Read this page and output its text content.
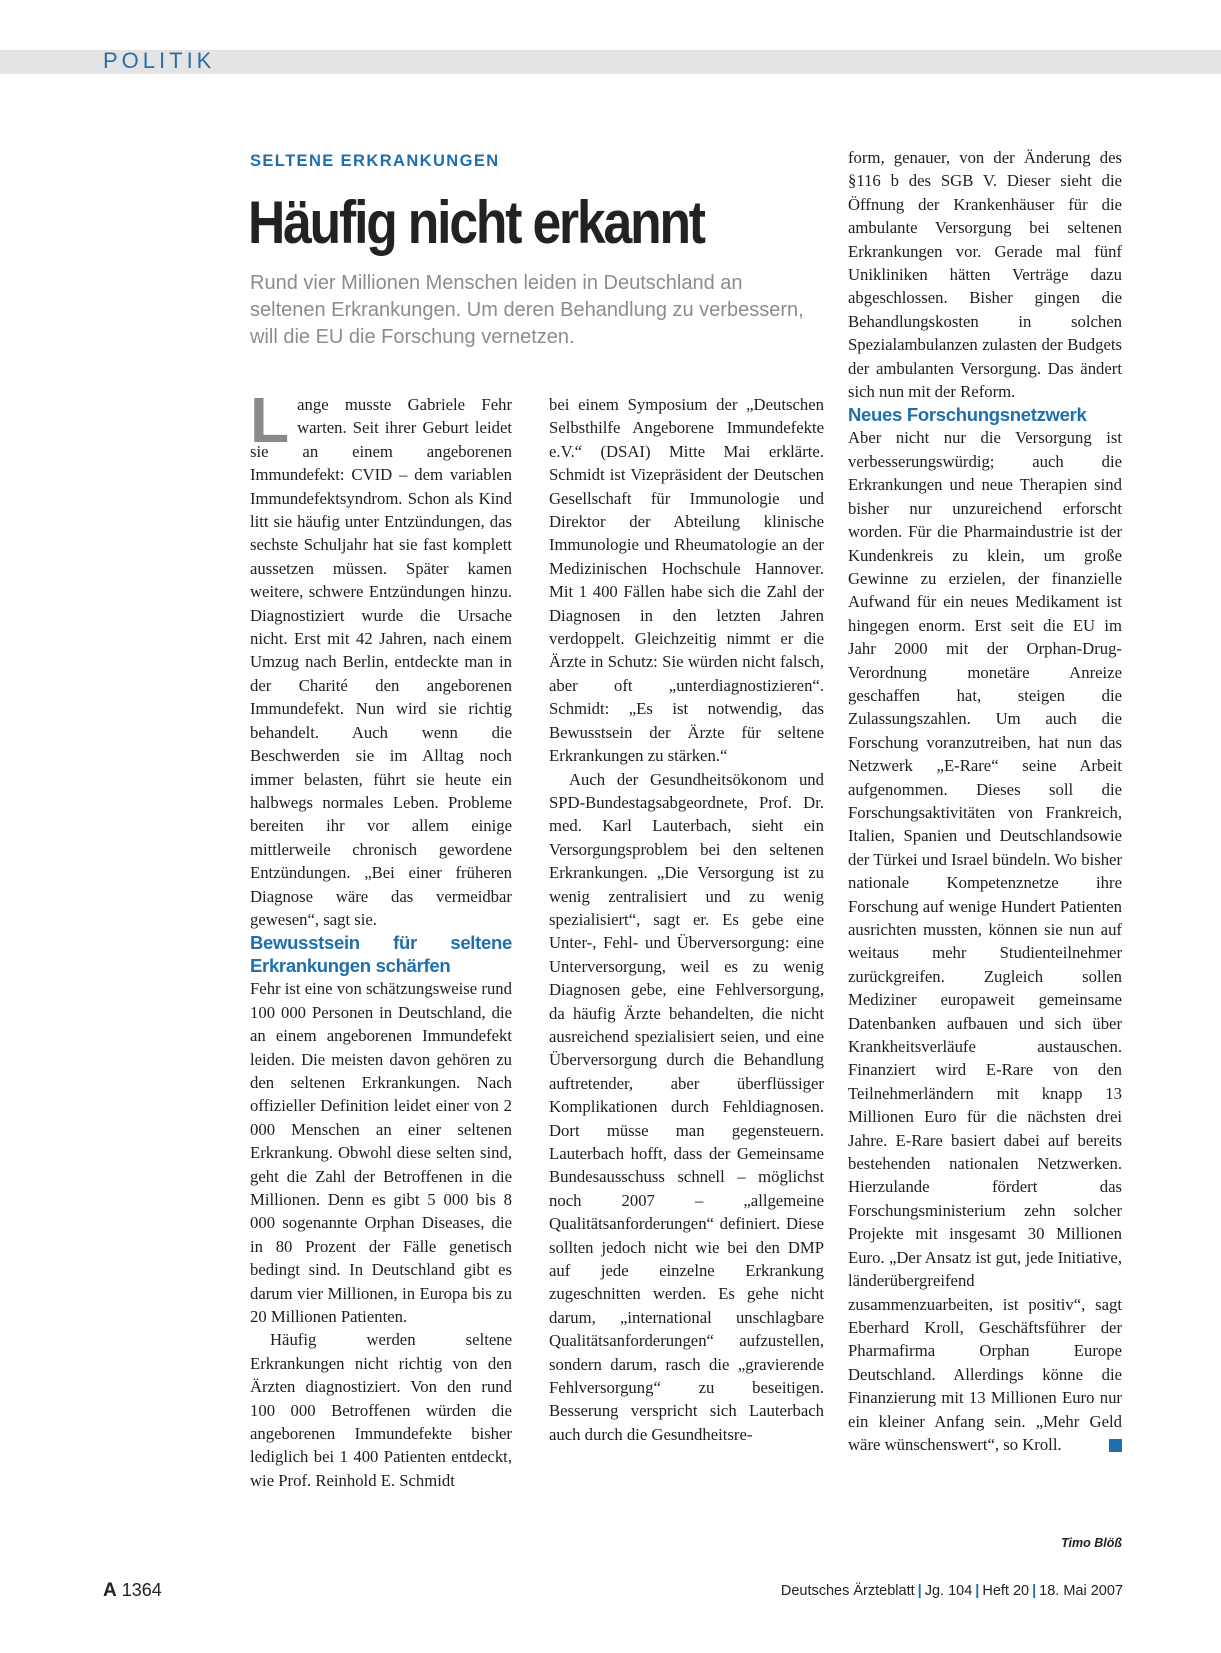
POLITIK
SELTENE ERKRANKUNGEN
Häufig nicht erkannt

Rund vier Millionen Menschen leiden in Deutschland an seltenen Erkrankungen. Um deren Behandlung zu verbessern, will die EU die Forschung vernetzen.

Lange musste Gabriele Fehr warten. Seit ihrer Geburt leidet sie an einem angeborenen Immundefekt: CVID – dem variablen Immundefektsyndrom. Schon als Kind litt sie häufig unter Entzündungen, das sechste Schuljahr hat sie fast komplett aussetzen müssen. Später kamen weitere, schwere Entzündungen hinzu. Diagnostiziert wurde die Ursache nicht. Erst mit 42 Jahren, nach einem Umzug nach Berlin, entdeckte man in der Charité den angeborenen Immundefekt. Nun wird sie richtig behandelt. Auch wenn die Beschwerden sie im Alltag noch immer belasten, führt sie heute ein halbwegs normales Leben. Probleme bereiten ihr vor allem einige mittlerweile chronisch gewordene Entzündungen. „Bei einer früheren Diagnose wäre das vermeidbar gewesen“, sagt sie.

Bewusstsein für seltene Erkrankungen schärfen

Fehr ist eine von schätzungsweise rund 100 000 Personen in Deutschland, die an einem angeborenen Immundefekt leiden. Die meisten davon gehören zu den seltenen Erkrankungen. Nach offizieller Definition leidet einer von 2 000 Menschen an einer seltenen Erkrankung. Obwohl diese selten sind, geht die Zahl der Betroffenen in die Millionen. Denn es gibt 5 000 bis 8 000 sogenannte Orphan Diseases, die in 80 Prozent der Fälle genetisch bedingt sind. In Deutschland gibt es darum vier Millionen, in Europa bis zu 20 Millionen Patienten.

Häufig werden seltene Erkrankungen nicht richtig von den Ärzten diagnostiziert. Von den rund 100 000 Betroffenen würden die angeborenen Immundefekte bisher lediglich bei 1 400 Patienten entdeckt, wie Prof. Reinhold E. Schmidt

bei einem Symposium der „Deutschen Selbsthilfe Angeborene Immundefekte e.V.“ (DSAI) Mitte Mai erklärte. Schmidt ist Vizepräsident der Deutschen Gesellschaft für Immunologie und Direktor der Abteilung klinische Immunologie und Rheumatologie an der Medizinischen Hochschule Hannover. Mit 1 400 Fällen habe sich die Zahl der Diagnosen in den letzten Jahren verdoppelt. Gleichzeitig nimmt er die Ärzte in Schutz: Sie würden nicht falsch, aber oft „unterdiagnostizieren“. Schmidt: „Es ist notwendig, das Bewusstsein der Ärzte für seltene Erkrankungen zu stärken.“

Auch der Gesundheitsökonom und SPD-Bundestagsabgeordnete, Prof. Dr. med. Karl Lauterbach, sieht ein Versorgungsproblem bei den seltenen Erkrankungen. „Die Versorgung ist zu wenig zentralisiert und zu wenig spezialisiert“, sagt er. Es gebe eine Unter-, Fehl- und Überversorgung: eine Unterversorgung, weil es zu wenig Diagnosen gebe, eine Fehlversorgung, da häufig Ärzte behandelten, die nicht ausreichend spezialisiert seien, und eine Überversorgung durch die Behandlung auftretender, aber überflüssiger Komplikationen durch Fehldiagnosen. Dort müsse man gegensteuern. Lauterbach hofft, dass der Gemeinsame Bundesausschuss schnell – möglichst noch 2007 – „allgemeine Qualitätsanforderungen“ definiert. Diese sollten jedoch nicht wie bei den DMP auf jede einzelne Erkrankung zugeschnitten werden. Es gehe nicht darum, „international unschlagbare Qualitätsanforderungen“ aufzustellen, sondern darum, rasch die „gravierende Fehlversorgung“ zu beseitigen. Besserung verspricht sich Lauterbach auch durch die Gesundheitsre-

form, genauer, von der Änderung des §116 b des SGB V. Dieser sieht die Öffnung der Krankenhäuser für die ambulante Versorgung bei seltenen Erkrankungen vor. Gerade mal fünf Unikliniken hätten Verträge dazu abgeschlossen. Bisher gingen die Behandlungskosten in solchen Spezialambulanzen zulasten der Budgets der ambulanten Versorgung. Das ändert sich nun mit der Reform.

Neues Forschungsnetzwerk

Aber nicht nur die Versorgung ist verbesserungswürdig; auch die Erkrankungen und neue Therapien sind bisher nur unzureichend erforscht worden. Für die Pharmaindustrie ist der Kundenkreis zu klein, um große Gewinne zu erzielen, der finanzielle Aufwand für ein neues Medikament ist hingegen enorm. Erst seit die EU im Jahr 2000 mit der Orphan-Drug-Verordnung monetäre Anreize geschaffen hat, steigen die Zulassungszahlen. Um auch die Forschung voranzutreiben, hat nun das Netzwerk „E-Rare“ seine Arbeit aufgenommen. Dieses soll die Forschungsaktivitäten von Frankreich, Italien, Spanien und Deutschlandsowie der Türkei und Israel bündeln. Wo bisher nationale Kompetenznetze ihre Forschung auf wenige Hundert Patienten ausrichten mussten, können sie nun auf weitaus mehr Studienteilnehmer zurückgreifen. Zugleich sollen Mediziner europaweit gemeinsame Datenbanken aufbauen und sich über Krankheitsverläufe austauschen. Finanziert wird E-Rare von den Teilnehmerländern mit knapp 13 Millionen Euro für die nächsten drei Jahre. E-Rare basiert dabei auf bereits bestehenden nationalen Netzwerken. Hierzulande fördert das Forschungsministerium zehn solcher Projekte mit insgesamt 30 Millionen Euro. „Der Ansatz ist gut, jede Initiative, länderübergreifend zusammenzuarbeiten, ist positiv“, sagt Eberhard Kroll, Geschäftsführer der Pharmafirma Orphan Europe Deutschland. Allerdings könne die Finanzierung mit 13 Millionen Euro nur ein kleiner Anfang sein. „Mehr Geld wäre wünschenswert“, so Kroll.

Timo Blöß
A 1364	Deutsches Ärzteblatt | Jg. 104 | Heft 20 | 18. Mai 2007
